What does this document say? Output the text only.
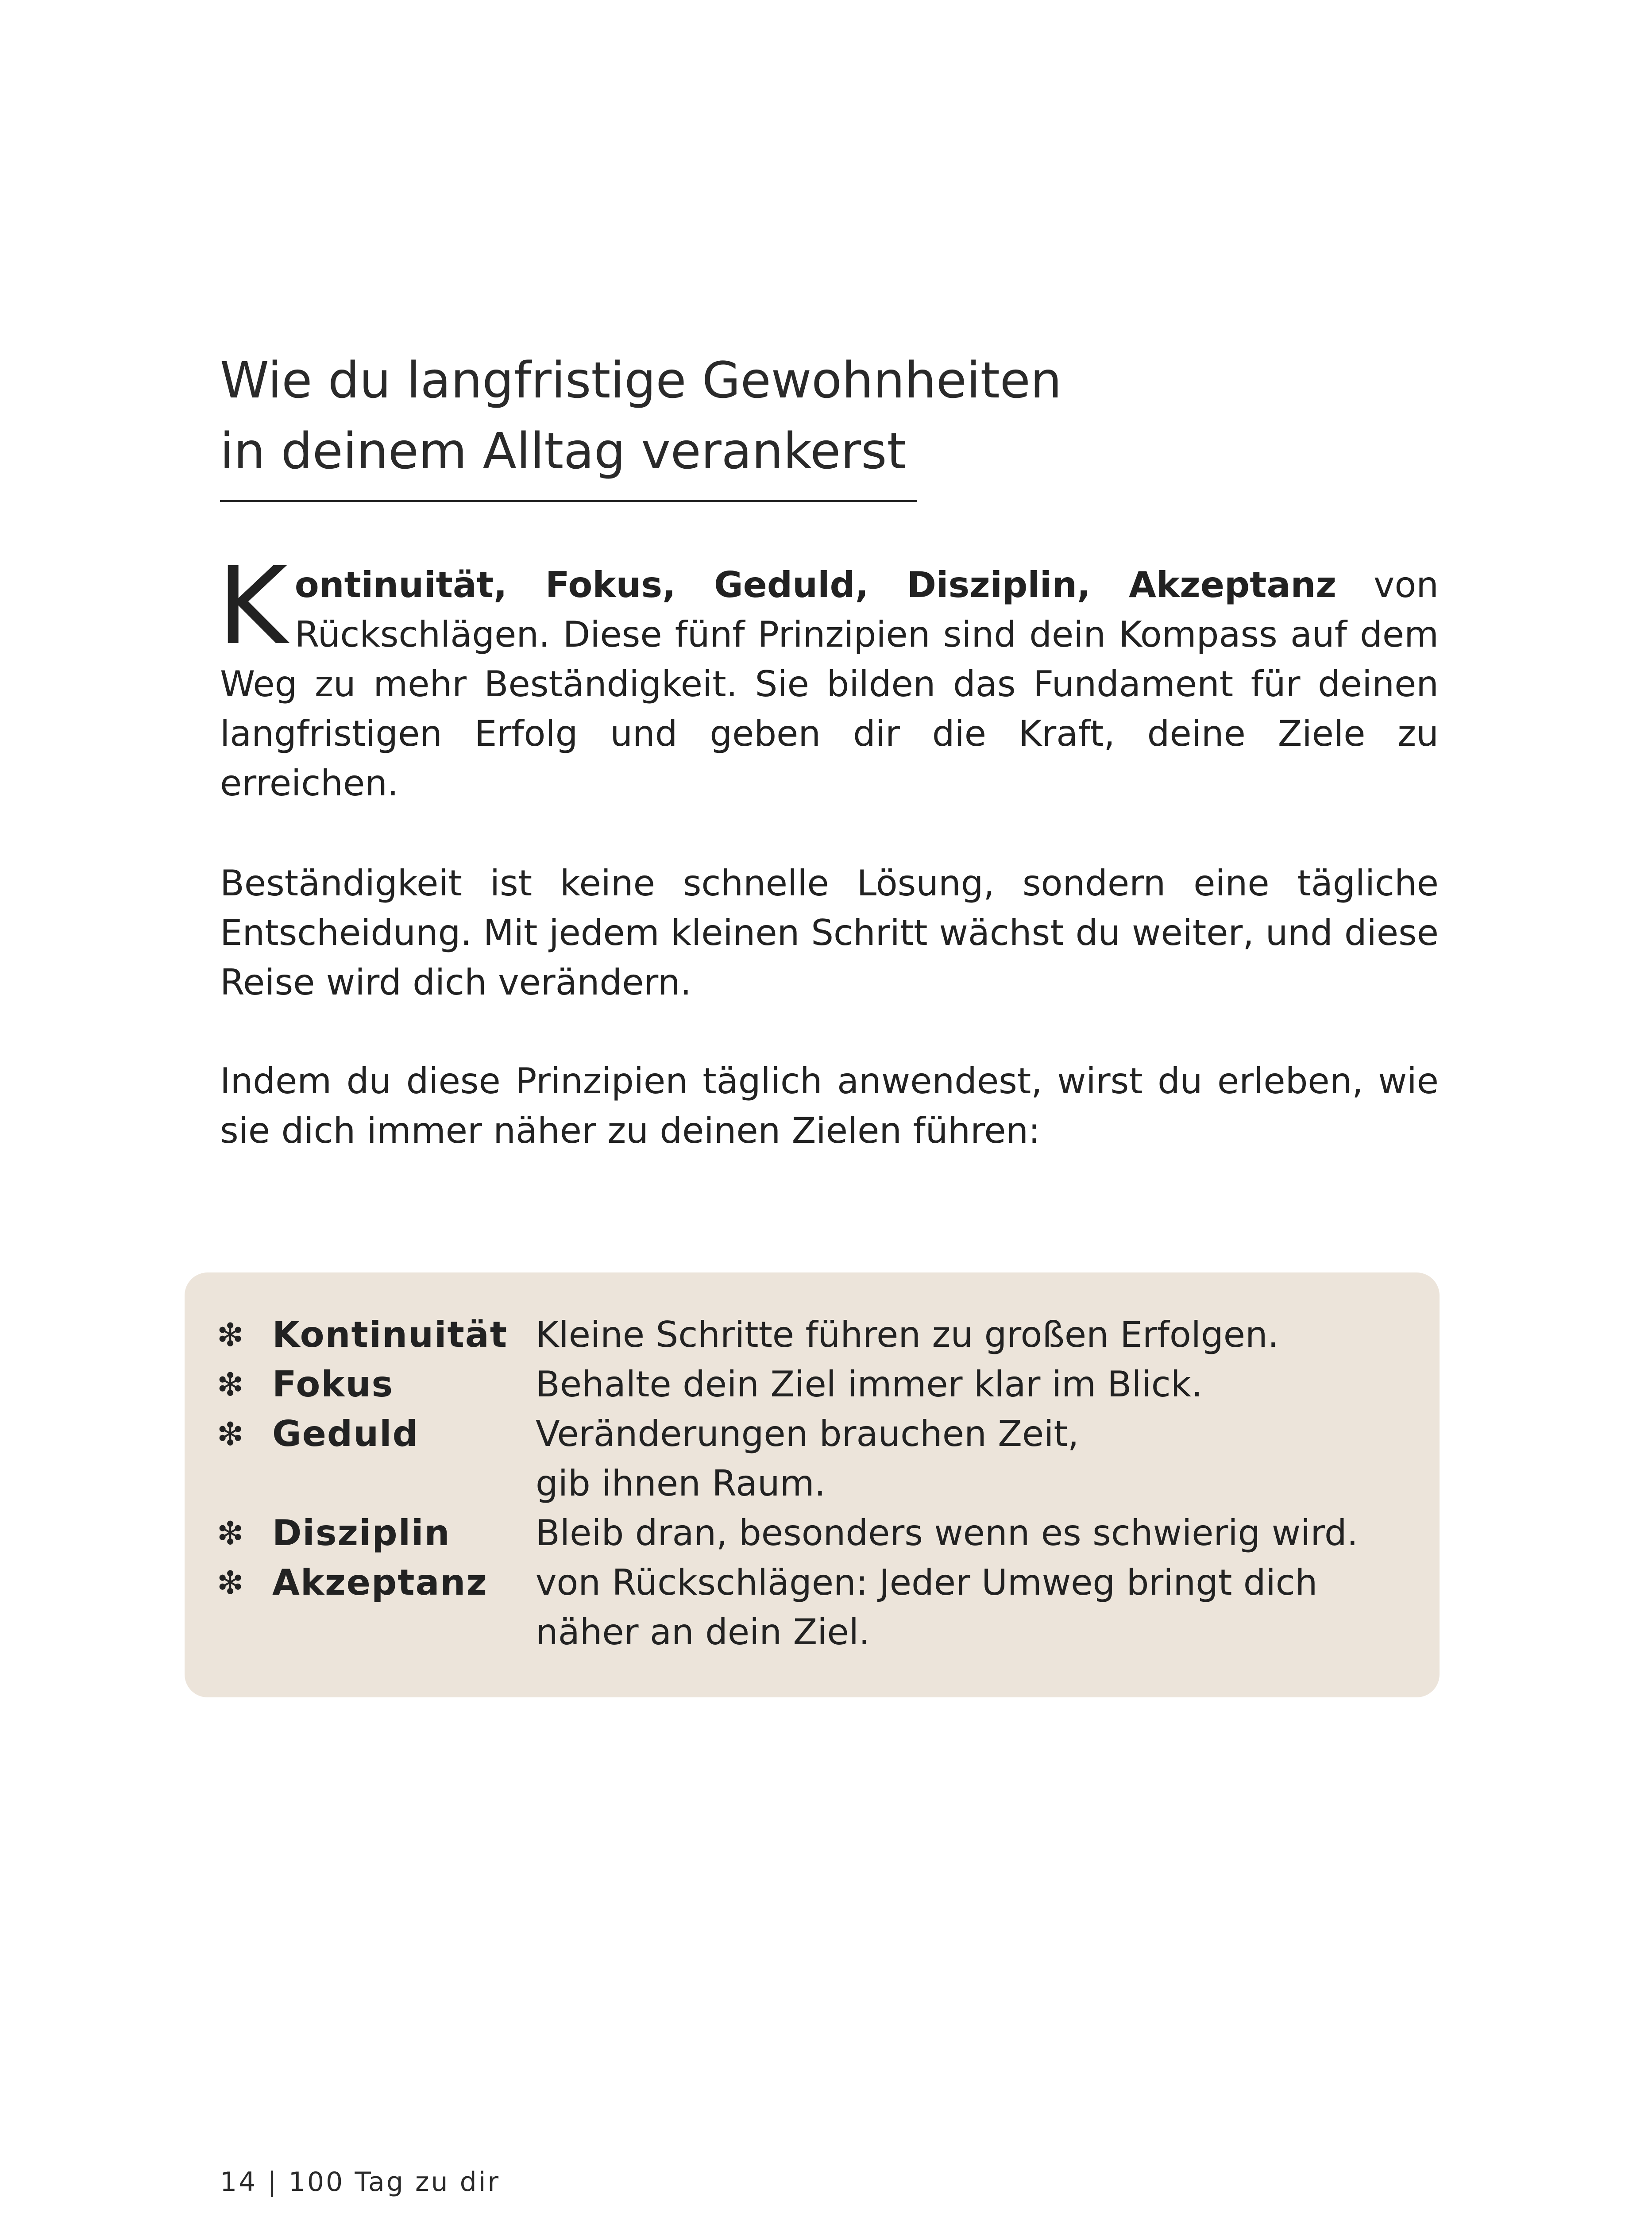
Wie du langfristige Gewohnheiten
in deinem Alltag verankerst

Kontinuität, Fokus, Geduld, Disziplin, Akzeptanz von Rückschlägen. Diese fünf Prinzipien sind dein Kompass auf dem Weg zu mehr Beständigkeit. Sie bilden das Fundament für deinen langfristigen Erfolg und geben dir die Kraft, deine Ziele zu erreichen.

Beständigkeit ist keine schnelle Lösung, sondern eine tägliche Entscheidung. Mit jedem kleinen Schritt wächst du weiter, und diese Reise wird dich verändern.

Indem du diese Prinzipien täglich anwendest, wirst du erleben, wie sie dich immer näher zu deinen Zielen führen:

❇ Kontinuität Kleine Schritte führen zu großen Erfolgen.
❇ Fokus	Behalte dein Ziel immer klar im Blick.
❇ Geduld	Veränderungen brauchen Zeit,
gib ihnen Raum.
❇ Disziplin Bleib dran, besonders wenn es schwierig wird.
❇ Akzeptanz von Rückschlägen: Jeder Umweg bringt dich
näher an dein Ziel.
14 | 100 Tag zu dir
